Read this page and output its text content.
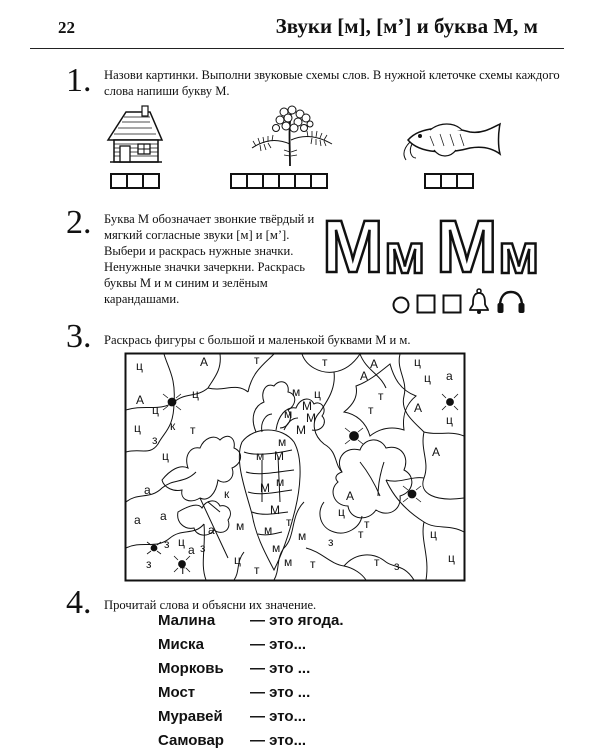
22	Звуки [м], [м’] и буква М, м
1. Назови картинки. Выполни звуковые схемы слов. В нужной клеточке схемы каждого слова напиши букву М.
2. Буква М обозначает звонкие твёрдый и мягкий согласные звуки [м] и [м’]. Выбери и раскрась нужные значки. Ненужные значки зачеркни. Раскрась буквы М и м синим и зелёным карандашами.
М м М м
3. Раскрась фигуры с большой и маленькой буквами М и м.
ц	А	т	т	А	ц
ц
А	ц
м
М
м М
т
а
А
ц
к
з
т
А
ц
т
ц
ц
м
ц
а
А
м М
М
к	М м
А
а
а
ц
М
м
т
а
ц
з
м
м
ц
з	з
т
м
ц
т
а
з т	т	з
ц
м т	т
4. Прочитай слова и объясни их значение.
Малина	— это ягода.
Миска	— это...
Морковь	— это ...
Мост	— это ...
Муравей	— это...
Самовар	— это...
